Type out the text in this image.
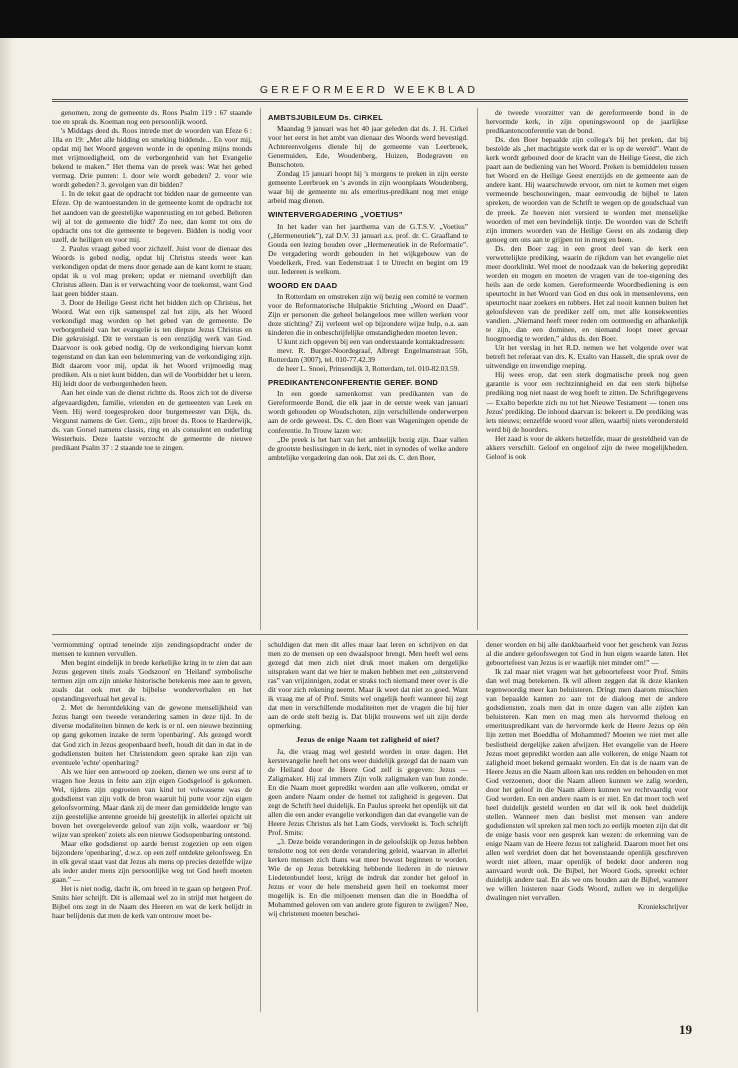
GEREFORMEERD WEEKBLAD

genomen, zong de gemeente ds. Roos Psalm 119 : 67 staande toe en sprak ds. Koeman nog een persoonlijk woord.

's Middags deed ds. Roos intrede met de woorden van Efeze 6 : 18a en 19: „Met alle bidding en smeking biddende... En voor mij, opdat mij het Woord gegeven worde in de opening mijns monds met vrijmoedigheid, om de verborgenheid van het Evangelie bekend te maken.” Het thema van de preek was: Wat het gebed vermag. Drie punten: 1. door wie wordt gebeden? 2. voor wie wordt gebeden? 3. gevolgen van dit bidden?

1. In de tekst gaat de opdracht tot bidden naar de gemeente van Efeze. Op de wantoestanden in de gemeente komt de opdracht tot het aandoen van de geestelijke wapenrusting en tot gebed. Behoren wij al tot de gemeente die bidt? Zo nee, dan komt tot ons de opdracht ons tot die gemeente te begeven. Bidden is nodig voor uzelf, de heiligen en voor mij.

2. Paulus vraagt gebed voor zichzelf. Juist voor de dienaar des Woords is gebed nodig, opdat hij Christus steeds weer kan verkondigen opdat de mens door genade aan de kant komt te staan; opdat ik u vol mag preken; opdat er niemand overblijft dan Christus alleen. Dan is er verwachting voor de toekomst, want God laat geen bidder staan.

3. Door de Heilige Geest richt het bidden zich op Christus, het Woord. Wat een rijk samenspel zal het zijn, als het Woord verkondigd mag worden op het gebed van de gemeente. De verborgenheid van het evangelie is ten diepste Jezus Christus en Die gekruisigd. Dit te verstaan is een eenzijdig werk van God. Daarvoor is ook gebed nodig. Op de verkondiging hiervan komt tegenstand en dan kan een belemmering van de verkondiging zijn. Bidt daarom voor mij, opdat ik het Woord vrijmoedig mag prediken. Als u niet kunt bidden, dan wil de Voorbidder het u leren. Hij leidt door de verborgenheden heen.

Aan het einde van de dienst richtte ds. Roos zich tot de diverse afgevaardigden, familie, vrienden en de gemeenten van Leek en Veen. Hij werd toegesproken door burgemeester van Dijk, ds. Vergunst namens de Ger. Gem., zijn broer ds. Roos te Harderwijk, ds. van Gorsel namens classis, ring en als consulent en ouderling Westerhuis. Deze laatste verzocht de gemeente de nieuwe predikant Psalm 37 : 2 staande toe te zingen.

AMBTSJUBILEUM Ds. CIRKEL

Maandag 9 januari was het 40 jaar geleden dat ds. J. H. Cirkel voor het eerst in het ambt van dienaar des Woords werd bevestigd. Achtereenvolgens diende hij de gemeente van Leerbroek, Genemuiden, Ede, Woudenberg, Huizen, Bodegraven en Bunschoten.

Zondag 15 januari hoopt hij 's morgens te preken in zijn eerste gemeente Leerbroek en 's avonds in zijn woonplaats Woudenberg, waar hij de gemeente nu als emeritus-predikant nog met enige arbeid mag dienen.

WINTERVERGADERING „VOETIUS”

In het kader van het jaarthema van de G.T.S.V. „Voetius” („Hermeneutiek”), zal D.V. 31 januari a.s. prof. dr. C. Graafland te Gouda een lezing houden over „Hermeneutiek in de Reformatie”. De vergadering wordt gehouden in het wijkgebouw van de Voedelkerk, Fred. van Eedenstraat 1 te Utrecht en begint om 19 uur. Iedereen is welkom.

WOORD EN DAAD

In Rotterdam en omstreken zijn wij bezig een comité te vormen voor de Reformatorische Hulpaktie Stichting „Woord en Daad”. Zijn er personen die geheel belangeloos mee willen werken voor deze stichting? Zij verleent wel op bijzondere wijze hulp, o.a. aan kinderen die in onbeschrijfelijke omstandigheden moeten leven.

U kunt zich opgeven bij een van onderstaande kontaktadressen:

mevr. R. Burger-Noordegraaf, Albregt Engelmanstraat 55b, Rotterdam (3007), tel. 010-77.42.39

de heer L. Snoei, Prinsendijk 3, Rotterdam, tel. 010-82.03.59.

PREDIKANTENCONFERENTIE GEREF. BOND

In een goede samenkomst van predikanten van de Gereformeerde Bond, die elk jaar in de eerste week van januari wordt gehouden op Woudschoten, zijn verschillende onderwerpen aan de orde geweest. Ds. C. den Boer van Wageningen opende de conferentie. In Trouw lazen we:

„De preek is het hart van het ambtelijk bezig zijn. Daar vallen de grootste beslissingen in de kerk, niet in synodes of welke andere ambtelijke vergadering dan ook. Dat zei ds. C. den Boer,

de tweede voorzitter van de gereformeerde bond in de hervormde kerk, in zijn openingswoord op de jaarlijkse predikantenconferentie van de bond.

Ds. den Boer bepaalde zijn collega's bij het preken, dat bij bestelde als „het machtigste werk dat er is op de wereld”. Want de kerk wordt gebouwd door de kracht van de Heilige Geest, die zich paart aan de bediening van het Woord. Preken is bemiddelen tussen het Woord en de Heilige Geest enerzijds en de gemeente aan de andere kant. Hij waarschuwde ervoor, om niet te komen met eigen vermeende beschouwingen, maar eenvoudig de bijbel te laten spreken, de woorden van de Schrift te wegen op de goudschaal van de preek. Ze hoeven niet versierd te worden met menselijke woorden of met een bevindelijk tintje. De woorden van de Schrift zijn immers woorden van de Heilige Geest en als zodanig diep genoeg om ons aan te grijpen tot in merg en been.

Ds. den Boer zag in een groot deel van de kerk een verwettelijkte prediking, waarin de rijkdom van het evangelie niet meer doorklinkt. Wel moet de noodzaak van de bekering gepredikt worden en mogen en moeten de vragen van de toe-eigening des heils aan de orde komen. Gereformeerde Woordbediening is een speurtocht in het Woord van God en dus ook in mensenlevens, een speurtocht naar zoekers en tobbers. Het zal nooit kunnen buiten het geloofsleven van de prediker zelf om, met alle konsekwenties vandien. „Niemand heeft meer reden om ootmoedig en afhankelijk te zijn, dan een dominee, en niemand loopt meer gevaar hoogmoedig te worden,” aldus ds. den Boer.

Uit het verslag in het R.D. nemen we het volgende over wat betreft het referaat van drs. K. Exalto van Hasselt, die sprak over de uitwendige en inwendige roeping.

Hij wees erop, dat een sterk dogmatische preek nog geen garantie is voor een rechtzinnigheid en dat een sterk bijbelse prediking nog niet naast de weg hoeft te zitten. De Schriftgegevens — Exalto beperkte zich nu tot het Nieuwe Testament — tonen ons Jezus' prediking. De inhoud daarvan is: bekeert u. De prediking was iets nieuws; eenzelfde woord voor allen, waarbij niets verondersteld werd bij de hoorders.

Het zaad is voor de akkers hetzelfde, maar de gesteldheid van de akkers verschilt. Geloof en ongeloof zijn de twee mogelijkheden. Geloof is ook

'vermomming' optrad teneinde zijn zendingsopdracht onder de mensen te kunnen vervullen.

Men begint eindelijk in brede kerkelijke kring in te zien dat aan Jezus gegeven titels zoals 'Godszoon' en 'Heiland' symbolische termen zijn om zijn unieke historische betekenis mee aan te geven, zoals dat ook met de bijbelse wonderverhalen en het opstandingsverhaal het geval is.

2. Met de herontdekking van de gewone menselijkheid van Jezus hangt een tweede verandering samen in deze tijd. In de diverse modaliteiten binnen de kerk is er nl. een nieuwe bezinning op gang gekomen inzake de term 'openbaring'. Als gezegd wordt dat God zich in Jezus geopenbaard heeft, houdt dit dan in dat in de godsdiensten buiten het Christendom geen sprake kan zijn van eventuele 'echte' openbaring?

Als we hier een antwoord op zoeken, dienen we ons eerst af te vragen hoe Jezus in feite aan zijn eigen Godsgeloof is gekomen. Wel, tijdens zijn opgroeien van kind tot volwassene was de godsdienst van zijn volk de bron waaruit hij putte voor zijn eigen geloofsvorming. Maar dank zij de meer dan gemiddelde lengte van zijn geestelijke antenne groeide hij geestelijk in allerlei opzicht uit boven het overgeleverde geloof van zijn volk, waardoor er 'bij wijze van spreken' zoiets als een nieuwe Godsopenbaring ontstond.

Maar elke godsdienst op aarde berust zogezien op een eigen bijzondere 'openbaring', d.w.z. op een zelf ontdekte geloofsweg. En in elk geval staat vast dat Jezus als mens op precies dezelfde wijze als ieder ander mens zijn persoonlijke weg tot God heeft moeten gaan.” —

Het is niet nodig, dacht ik, om breed in te gaan op hetgeen Prof. Smits hier schrijft. Dit is allemaal wel zo in strijd met hetgeen de Bijbel ons zegt in de Naam des Heeren en wat de kerk belijdt in haar belijdenis dat men de kerk van ontrouw moet be-

schuldigen dat men dit alles maar laat leren en schrijven en dat men zo de mensen op een dwaalspoor brengt. Men heeft wel eens gezegd dat men zich niet druk moet maken om dergelijke uitspraken want dat we hier te maken hebben met een „uitstervend ras” van vrijzinnigen, zodat er straks toch niemand meer over is die dit voor zich rekening neemt. Maar ik weet dat niet zo goed. Want ik vraag me af of Prof. Smits wel ongelijk heeft wanneer hij zegt dat men in verschillende modaliteiten met de vragen die hij hier aan de orde stelt bezig is. Dat blijkt trouwens wel uit zijn derde opmerking.

Jezus de enige Naam tot zaligheid of niet?

Ja, die vraag mag wel gesteld worden in onze dagen. Het kerstevangelie heeft het ons weer duidelijk gezegd dat de naam van de Heiland door de Heere God zelf is gegeven: Jezus — Zaligmaker. Hij zal immers Zijn volk zaligmaken van hun zonde. En die Naam moet gepredikt worden aan alle volkeren, omdat er geen andere Naam onder de hemel tot zaligheid is gegeven. Dat zegt de Schrift heel duidelijk. En Paulus spreekt het openlijk uit dat allen die een ander evangelie verkondigen dan dat evangelie van de Heere Jezus Christus als het Lam Gods, vervloekt is. Toch schrijft Prof. Smits:

„3. Deze beide veranderingen in de geloofskijk op Jezus hebben tenslotte nog tot een derde verandering geleid, waarvan in allerlei kerken mensen zich thans wat meer bewust beginnen te worden. Wie de op Jezus betrekking hebbende liederen in de nieuwe Liedetenbundel leest, krijgt de indruk dat zonder het geloof in Jezus er voor de hele mensheid geen heil en toekomst meer mogelijk is. En die miljoenen mensen dan die in Boeddha of Mohammed geloven om van andere grote figuren te zwijgen? Nee, wij christenen moeten beschei-

dener worden en bij alle dankbaarheid voor het geschenk van Jezus al die andere geloofswegen tot God in hun eigen waarde laten. Het geboortefeest van Jezus is er waarlijk niet minder om!” —

Ik zal maar niet vragen wat het geboortefeest voor Prof. Smits dan wel mag betekenen. Ik wil alleen zeggen dat ik deze klanken tegenwoordig meer kan beluisteren. Dringt men daarom misschien van bepaalde kanten zo aan tot de dialoog met de andere godsdiensten, zoals men dat in onze dagen van alle zijden kan beluisteren. Kan men en mag men als hervormd theloog en emerituspredikant van de hervormde kerk de Heere Jezus op één lijn zetten met Boeddha of Mohammed? Moeten we niet met alle beslistheid dergelijke zaken afwijzen. Het evangelie van de Heere Jezus moet gepredikt worden aan alle volkeren, de enige Naam tot zaligheid moet bekend gemaakt worden. En dat is de naam van de Heere Jezus en die Naam alleen kan ons redden en behouden en met God verzoenen, door die Naam alleen kunnen we zalig worden, door het geloof in die Naam alleen kunnen we rechtvaardig voor God worden. En een andere naam is er niet. En dat moet toch wel heel duidelijk gesteld worden en dat wil ik ook heel duidelijk stellen. Wanneer men dan beslist met mensen van andere godsdiensten wil spreken zal men toch zo eerlijk moeten zijn dat dit de enige basis voor een gesprek kan wezen: de erkenning van de enige Naam van de Heere Jezus tot zaligheid. Daarom moet het ons allen wel verdriet doen dat het bovenstaande openlijk geschreven wordt niet alleen, maar openlijk of bedekt door anderen nog aanvaard wordt ook. De Bijbel, het Woord Gods, spreekt echter duidelijk andere taal. En als we ons houden aan de Bijbel, wanneer we willen luisteren naar Gods Woord, zullen we in dergelijke dwalingen niet vervallen.

Kroniekschrijver

19
